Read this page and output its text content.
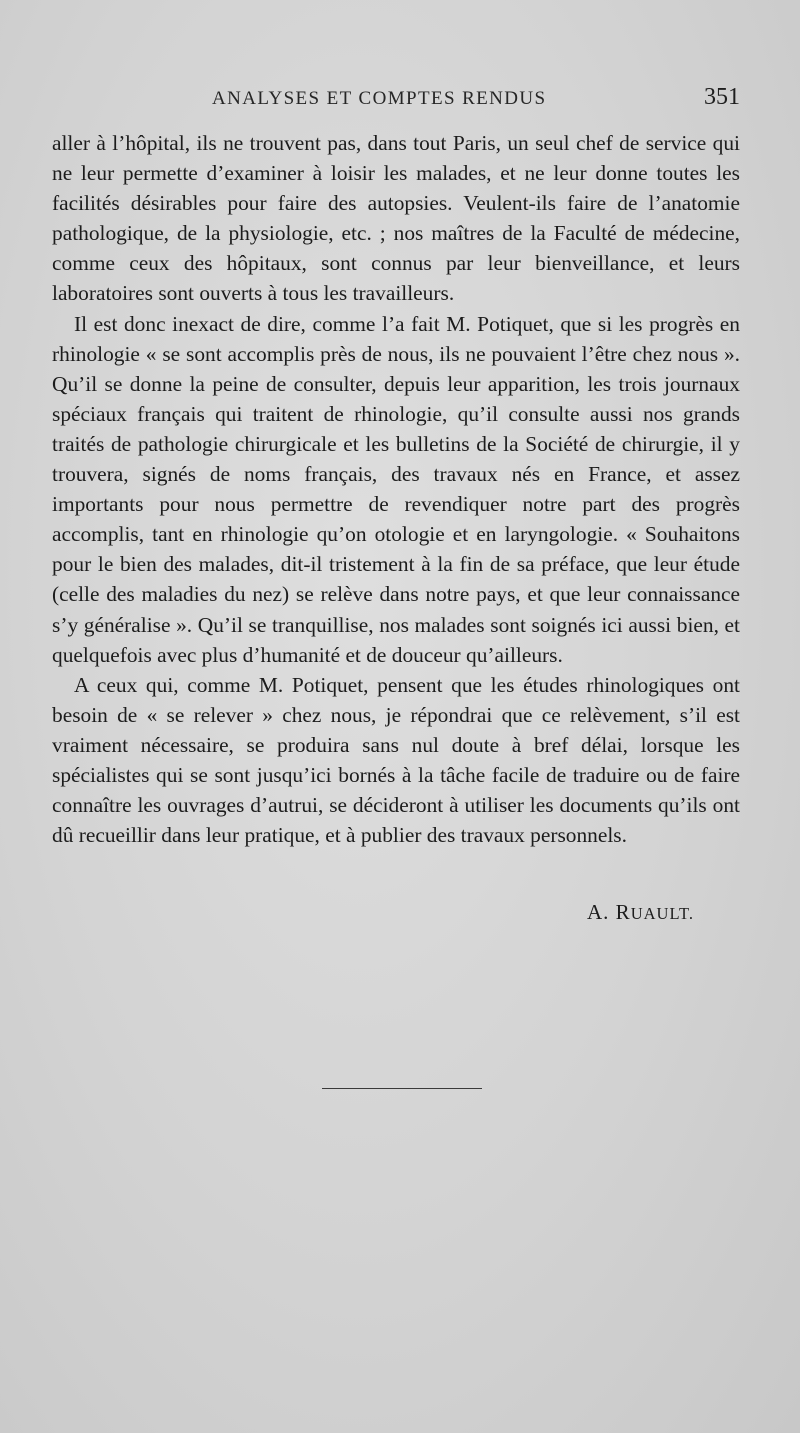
ANALYSES ET COMPTES RENDUS	351

aller à l’hôpital, ils ne trouvent pas, dans tout Paris, un seul chef de service qui ne leur permette d’examiner à loisir les malades, et ne leur donne toutes les facilités désirables pour faire des autopsies. Veulent-ils faire de l’anatomie pathologique, de la physiologie, etc. ; nos maîtres de la Faculté de médecine, comme ceux des hôpitaux, sont connus par leur bienveillance, et leurs laboratoires sont ouverts à tous les travailleurs.

Il est donc inexact de dire, comme l’a fait M. Potiquet, que si les progrès en rhinologie « se sont accomplis près de nous, ils ne pouvaient l’être chez nous ». Qu’il se donne la peine de consulter, depuis leur apparition, les trois journaux spéciaux français qui traitent de rhinologie, qu’il consulte aussi nos grands traités de pathologie chirurgicale et les bulletins de la Société de chirurgie, il y trouvera, signés de noms français, des travaux nés en France, et assez importants pour nous permettre de revendiquer notre part des progrès accomplis, tant en rhinologie qu’on otologie et en laryngologie. « Souhaitons pour le bien des malades, dit-il tristement à la fin de sa préface, que leur étude (celle des maladies du nez) se relève dans notre pays, et que leur connaissance s’y généralise ». Qu’il se tranquillise, nos malades sont soignés ici aussi bien, et quelquefois avec plus d’humanité et de douceur qu’ailleurs.

A ceux qui, comme M. Potiquet, pensent que les études rhinologiques ont besoin de « se relever » chez nous, je répondrai que ce relèvement, s’il est vraiment nécessaire, se produira sans nul doute à bref délai, lorsque les spécialistes qui se sont jusqu’ici bornés à la tâche facile de traduire ou de faire connaître les ouvrages d’autrui, se décideront à utiliser les documents qu’ils ont dû recueillir dans leur pratique, et à publier des travaux personnels.

A. RUAULT.
